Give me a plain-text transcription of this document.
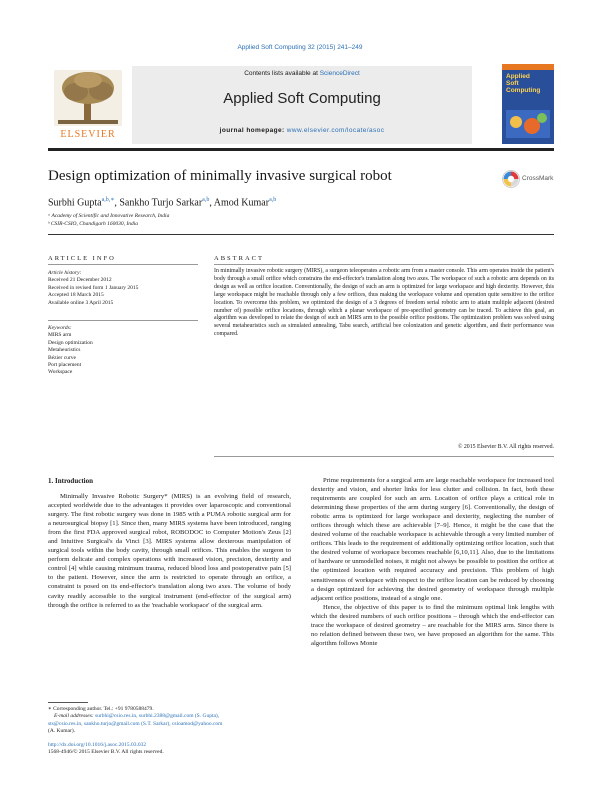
Applied Soft Computing 32 (2015) 241–249
ELSEVIER
Contents lists available at ScienceDirect
Applied Soft Computing
journal homepage: www.elsevier.com/locate/asoc
Applied
Soft
Computing
Design optimization of minimally invasive surgical robot	CrossMark
Surbhi Gupta$^{a,b,∗}$, Sankho Turjo Sarkar$^{a,b}$, Amod Kumar$^{a,b}$
ᵃ Academy of Scientific and Innovative Research, India
ᵇ CSIR-CSIO, Chandigarh 160030, India
ARTICLE INFO	ABSTRACT
Article history:
Received 21 December 2012
Received in revised form 1 January 2015
Accepted 18 March 2015
Available online 3 April 2015
Keywords:
MIRS arm
Design optimization
Metaheuristics
Bézier curve
Port placement
Workspace
In minimally invasive robotic surgery (MIRS), a surgeon teleoperates a robotic arm from a master console. This arm operates inside the patient's body through a small orifice which constrains the end-effector's translation along two axes. The workspace of such a robotic arm depends on its design as well as orifice location. Conventionally, the design of such an arm is optimized for large workspace and high dexterity. However, this large workspace might be reachable through only a few orifices, thus making the workspace volume and operation quite sensitive to the orifice location. To overcome this problem, we optimized the design of a 3 degrees of freedom serial robotic arm to attain multiple adjacent (desired number of) possible orifice locations, through which a planar workspace of pre-specified geometry can be traced. To achieve this goal, an algorithm was developed to relate the design of such an MIRS arm to the possible orifice positions. The optimization problem was solved using several metaheuristics such as simulated annealing, Tabu search, artificial bee colonization and genetic algorithm, and their performance was compared.
© 2015 Elsevier B.V. All rights reserved.
1. Introduction

Minimally Invasive Robotic Surgery* (MIRS) is an evolving field of research, accepted worldwide due to the advantages it provides over laparoscopic and conventional surgery. The first robotic surgery was done in 1985 with a PUMA robotic surgical arm for a neurosurgical biopsy [1]. Since then, many MIRS systems have been introduced, ranging from the first FDA approved surgical robot, ROBODOC to Computer Motion's Zeus [2] and Intuitive Surgical's da Vinci [3]. MIRS systems allow dexterous manipulation of surgical tools within the body cavity, through small orifices. This enables the surgeon to perform delicate and complex operations with increased vision, precision, dexterity and control [4] while causing minimum trauma, reduced blood loss and postoperative pain [5] to the patient. However, since the arm is restricted to operate through an orifice, a constraint is posed on its end-effector's translation along two axes. The volume of body cavity readily accessible to the surgical instrument (end-effector of the surgical arm) through the orifice is referred to as the 'reachable workspace' of the surgical arm.

Prime requirements for a surgical arm are large reachable workspace for increased tool dexterity and vision, and shorter links for less clutter and collision. In fact, both these requirements are coupled for such an arm. Location of orifice plays a critical role in determining these properties of the arm during surgery [6]. Conventionally, the design of robotic arms is optimized for large workspace and dexterity, neglecting the number of orifices through which these are achievable [7–9]. Hence, it might be the case that the desired volume of the reachable workspace is achievable through a very limited number of orifices. This leads to the requirement of additionally optimizing orifice location, such that the desired volume of workspace becomes reachable [6,10,11]. Also, due to the limitations of hardware or unmodelled noises, it might not always be possible to position the orifice at the optimized location with required accuracy and precision. This problem of high sensitiveness of workspace with respect to the orifice location can be reduced by choosing a design optimized for achieving the desired geometry of workspace through multiple adjacent orifice positions, instead of a single one.

Hence, the objective of this paper is to find the minimum optimal link lengths with which the desired numbers of such orifice positions – through which the end-effector can trace the workspace of desired geometry – are reachable for the MIRS arm. Since there is no relation defined between these two, we have proposed an algorithm for the same. This algorithm follows Monte

∗ Corresponding author. Tel.: +91 9780588479.
E-mail addresses: surbhi@csio.res.in, surbhi.2388@gmail.com (S. Gupta),
sts@csio.res.in, sankho.turjo@gmail.com (S.T. Sarkar), csioamod@yahoo.com
(A. Kumar).
http://dx.doi.org/10.1016/j.asoc.2015.03.032
1568-4946/© 2015 Elsevier B.V. All rights reserved.
